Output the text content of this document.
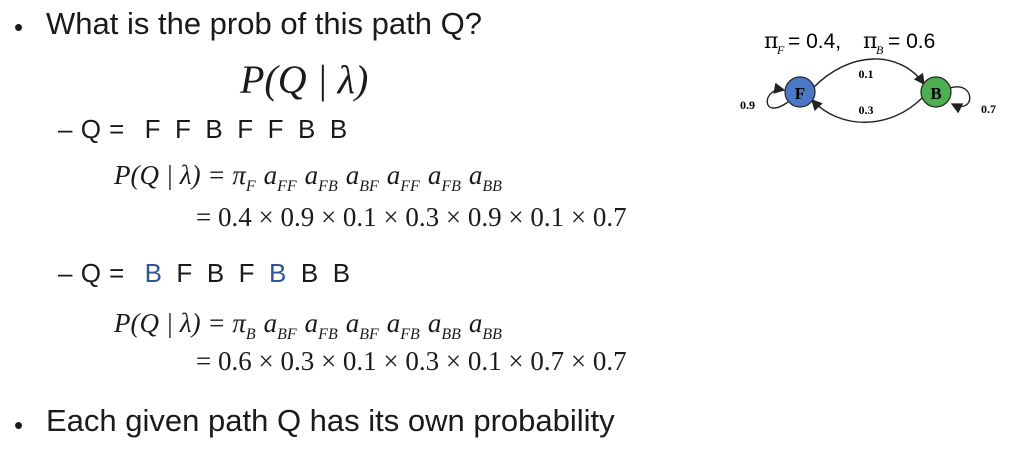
• What is the prob of this path Q?
P(Q | λ)
– Q = F F B F F B B
P(Q | $\lambda) = \pi_F$ $a_{FF}$ $a_{FB}$ $a_{BF}$ $a_{FF}$ $a_{FB}$ $a_{BB}$
= 0.4 × 0.9 × 0.1 × 0.3 × 0.9 × 0.1 × 0.7
– Q = B F B F B B B
P(Q | $\lambda) = \pi_B$ $a_{BF}$ $a_{FB}$ $a_{BF}$ $a_{FB}$ $a_{BB}$ $a_{BB}$
= 0.6 × 0.3 × 0.1 × 0.3 × 0.1 × 0.7 × 0.7
• Each given path Q has its own probability
π
F = 0.4, π
B = 0.6
F	B
0.1
0.3
0.9	0.7
